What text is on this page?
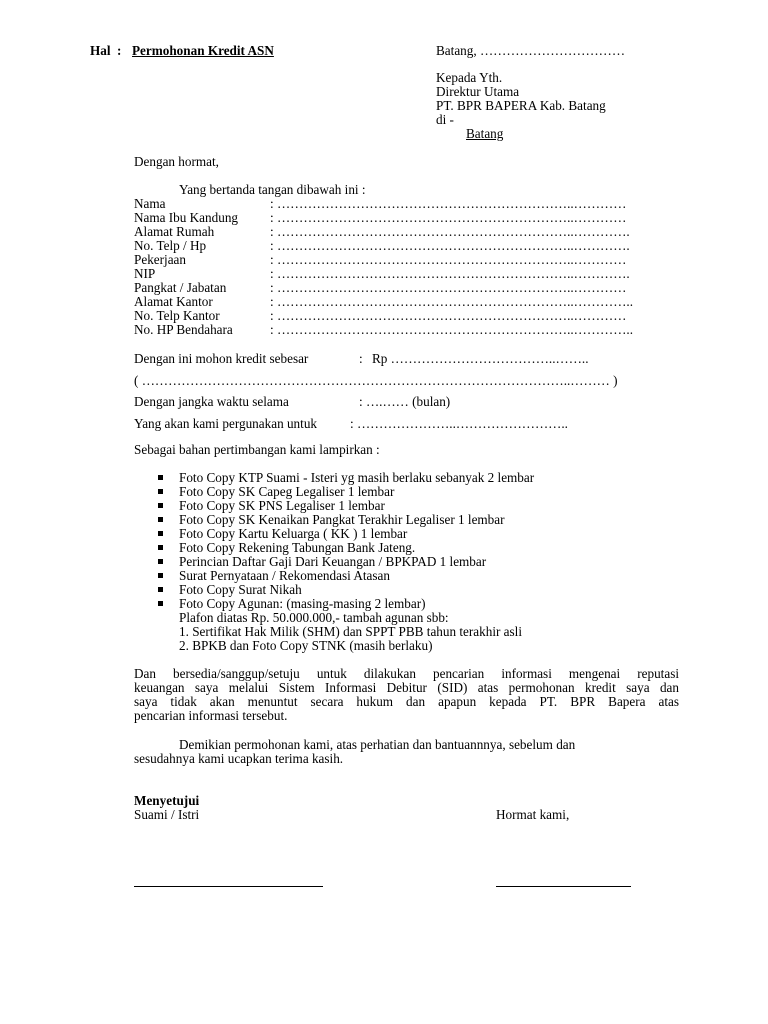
Hal : Permohonan Kredit ASN	Batang, ……………………………
Kepada Yth.
Direktur Utama
PT. BPR BAPERA Kab. Batang
di -
Batang
Dengan hormat,
Yang bertanda tangan dibawah ini :
Nama	: …………………………………………………………..…………
Nama Ibu Kandung : …………………………………………………………..…………
Alamat Rumah	: …………………………………………………………..………….
No. Telp / Hp	: …………………………………………………………..………….
Pekerjaan	: …………………………………………………………..…………
NIP	: …………………………………………………………..………….
Pangkat / Jabatan	: …………………………………………………………..…………
Alamat Kantor	: …………………………………………………………..…………..
No. Telp Kantor	: …………………………………………………………..…………
No. HP Bendahara	: …………………………………………………………..…………..
Dengan ini mohon kredit sebesar	: Rp ………………………………..……..
( ……………………………………………………………………………………..……… )
Dengan jangka waktu selama	: ….…… (bulan)
Yang akan kami pergunakan untuk : …………………..……………………..
Sebagai bahan pertimbangan kami lampirkan :
Foto Copy KTP Suami - Isteri yg masih berlaku sebanyak 2 lembar
Foto Copy SK Capeg Legaliser 1 lembar
Foto Copy SK PNS Legaliser 1 lembar
Foto Copy SK Kenaikan Pangkat Terakhir Legaliser 1 lembar
Foto Copy Kartu Keluarga ( KK ) 1 lembar
Foto Copy Rekening Tabungan Bank Jateng.
Perincian Daftar Gaji Dari Keuangan / BPKPAD 1 lembar
Surat Pernyataan / Rekomendasi Atasan
Foto Copy Surat Nikah
Foto Copy Agunan: (masing-masing 2 lembar)
Plafon diatas Rp. 50.000.000,- tambah agunan sbb:
1. Sertifikat Hak Milik (SHM) dan SPPT PBB tahun terakhir asli
2. BPKB dan Foto Copy STNK (masih berlaku)
Dan bersedia/sanggup/setuju untuk dilakukan pencarian informasi mengenai reputasi
keuangan saya melalui Sistem Informasi Debitur (SID) atas permohonan kredit saya dan
saya tidak akan menuntut secara hukum dan apapun kepada PT. BPR Bapera atas
pencarian informasi tersebut.
Demikian permohonan kami, atas perhatian dan bantuannnya, sebelum dan
sesudahnya kami ucapkan terima kasih.
Menyetujui
Suami / Istri	Hormat kami,
